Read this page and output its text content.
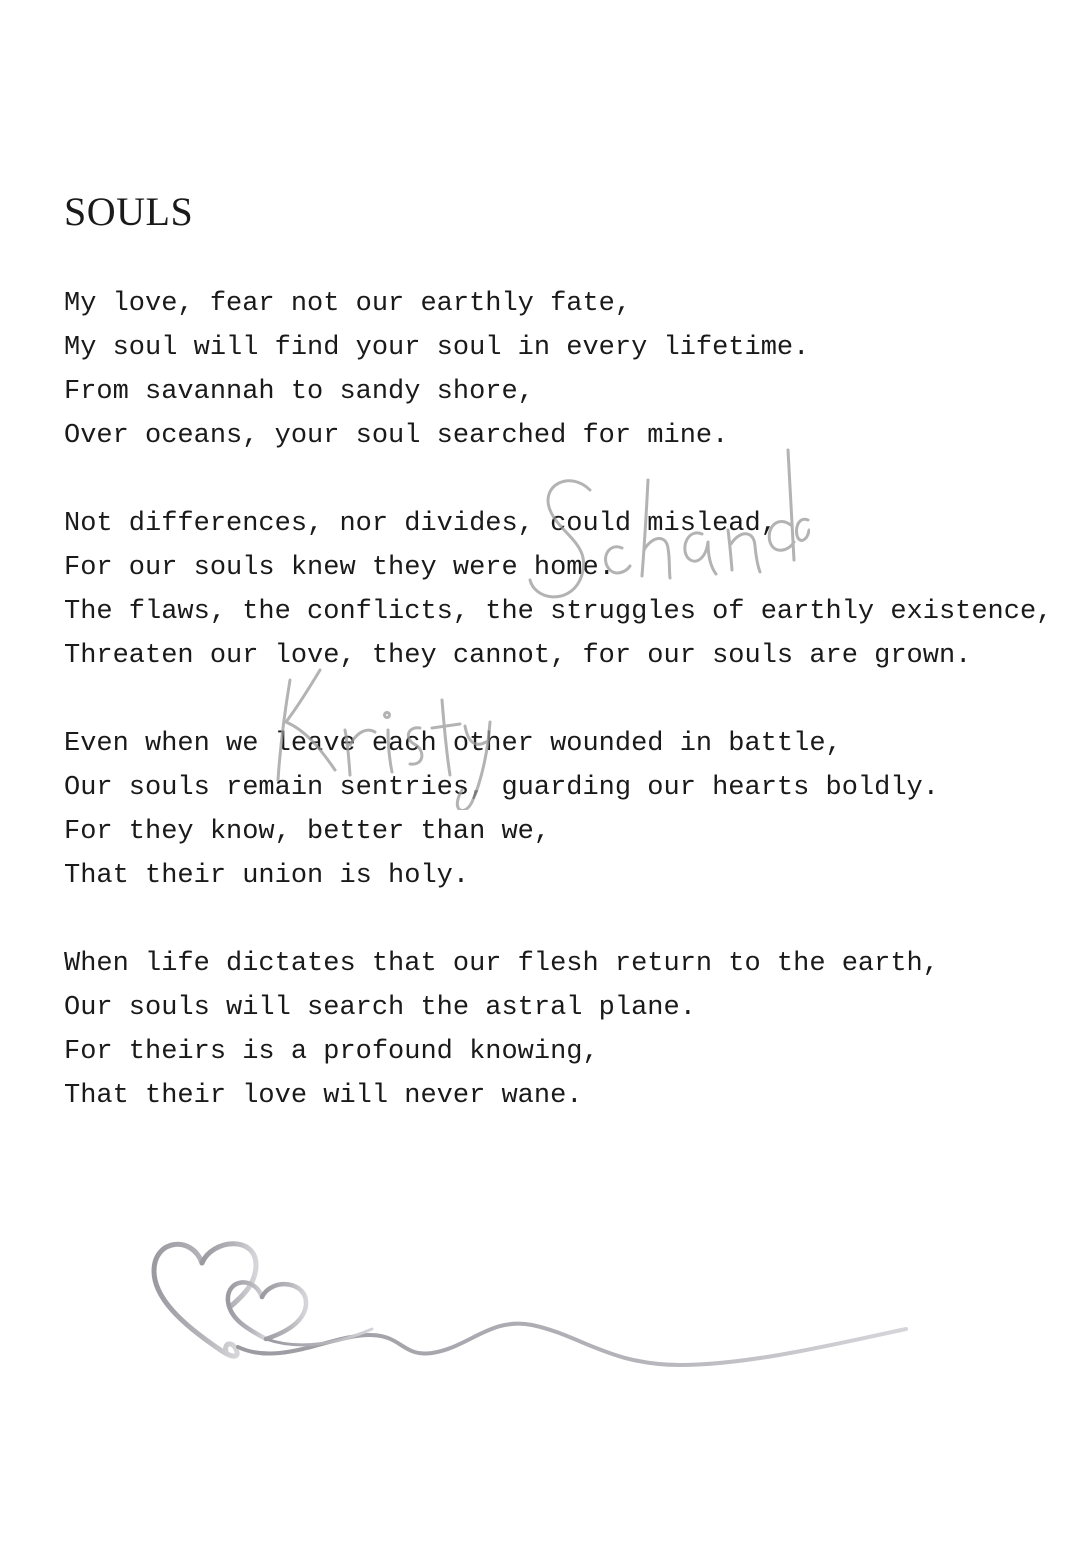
SOULS
My love, fear not our earthly fate,
My soul will find your soul in every lifetime.
From savannah to sandy shore,
Over oceans, your soul searched for mine.
Not differences, nor divides, could mislead,
For our souls knew they were home.
The flaws, the conflicts, the struggles of earthly existence,
Threaten our love, they cannot, for our souls are grown.
Even when we leave each other wounded in battle,
Our souls remain sentries, guarding our hearts boldly.
For they know, better than we,
That their union is holy.
When life dictates that our flesh return to the earth,
Our souls will search the astral plane.
For theirs is a profound knowing,
That their love will never wane.
